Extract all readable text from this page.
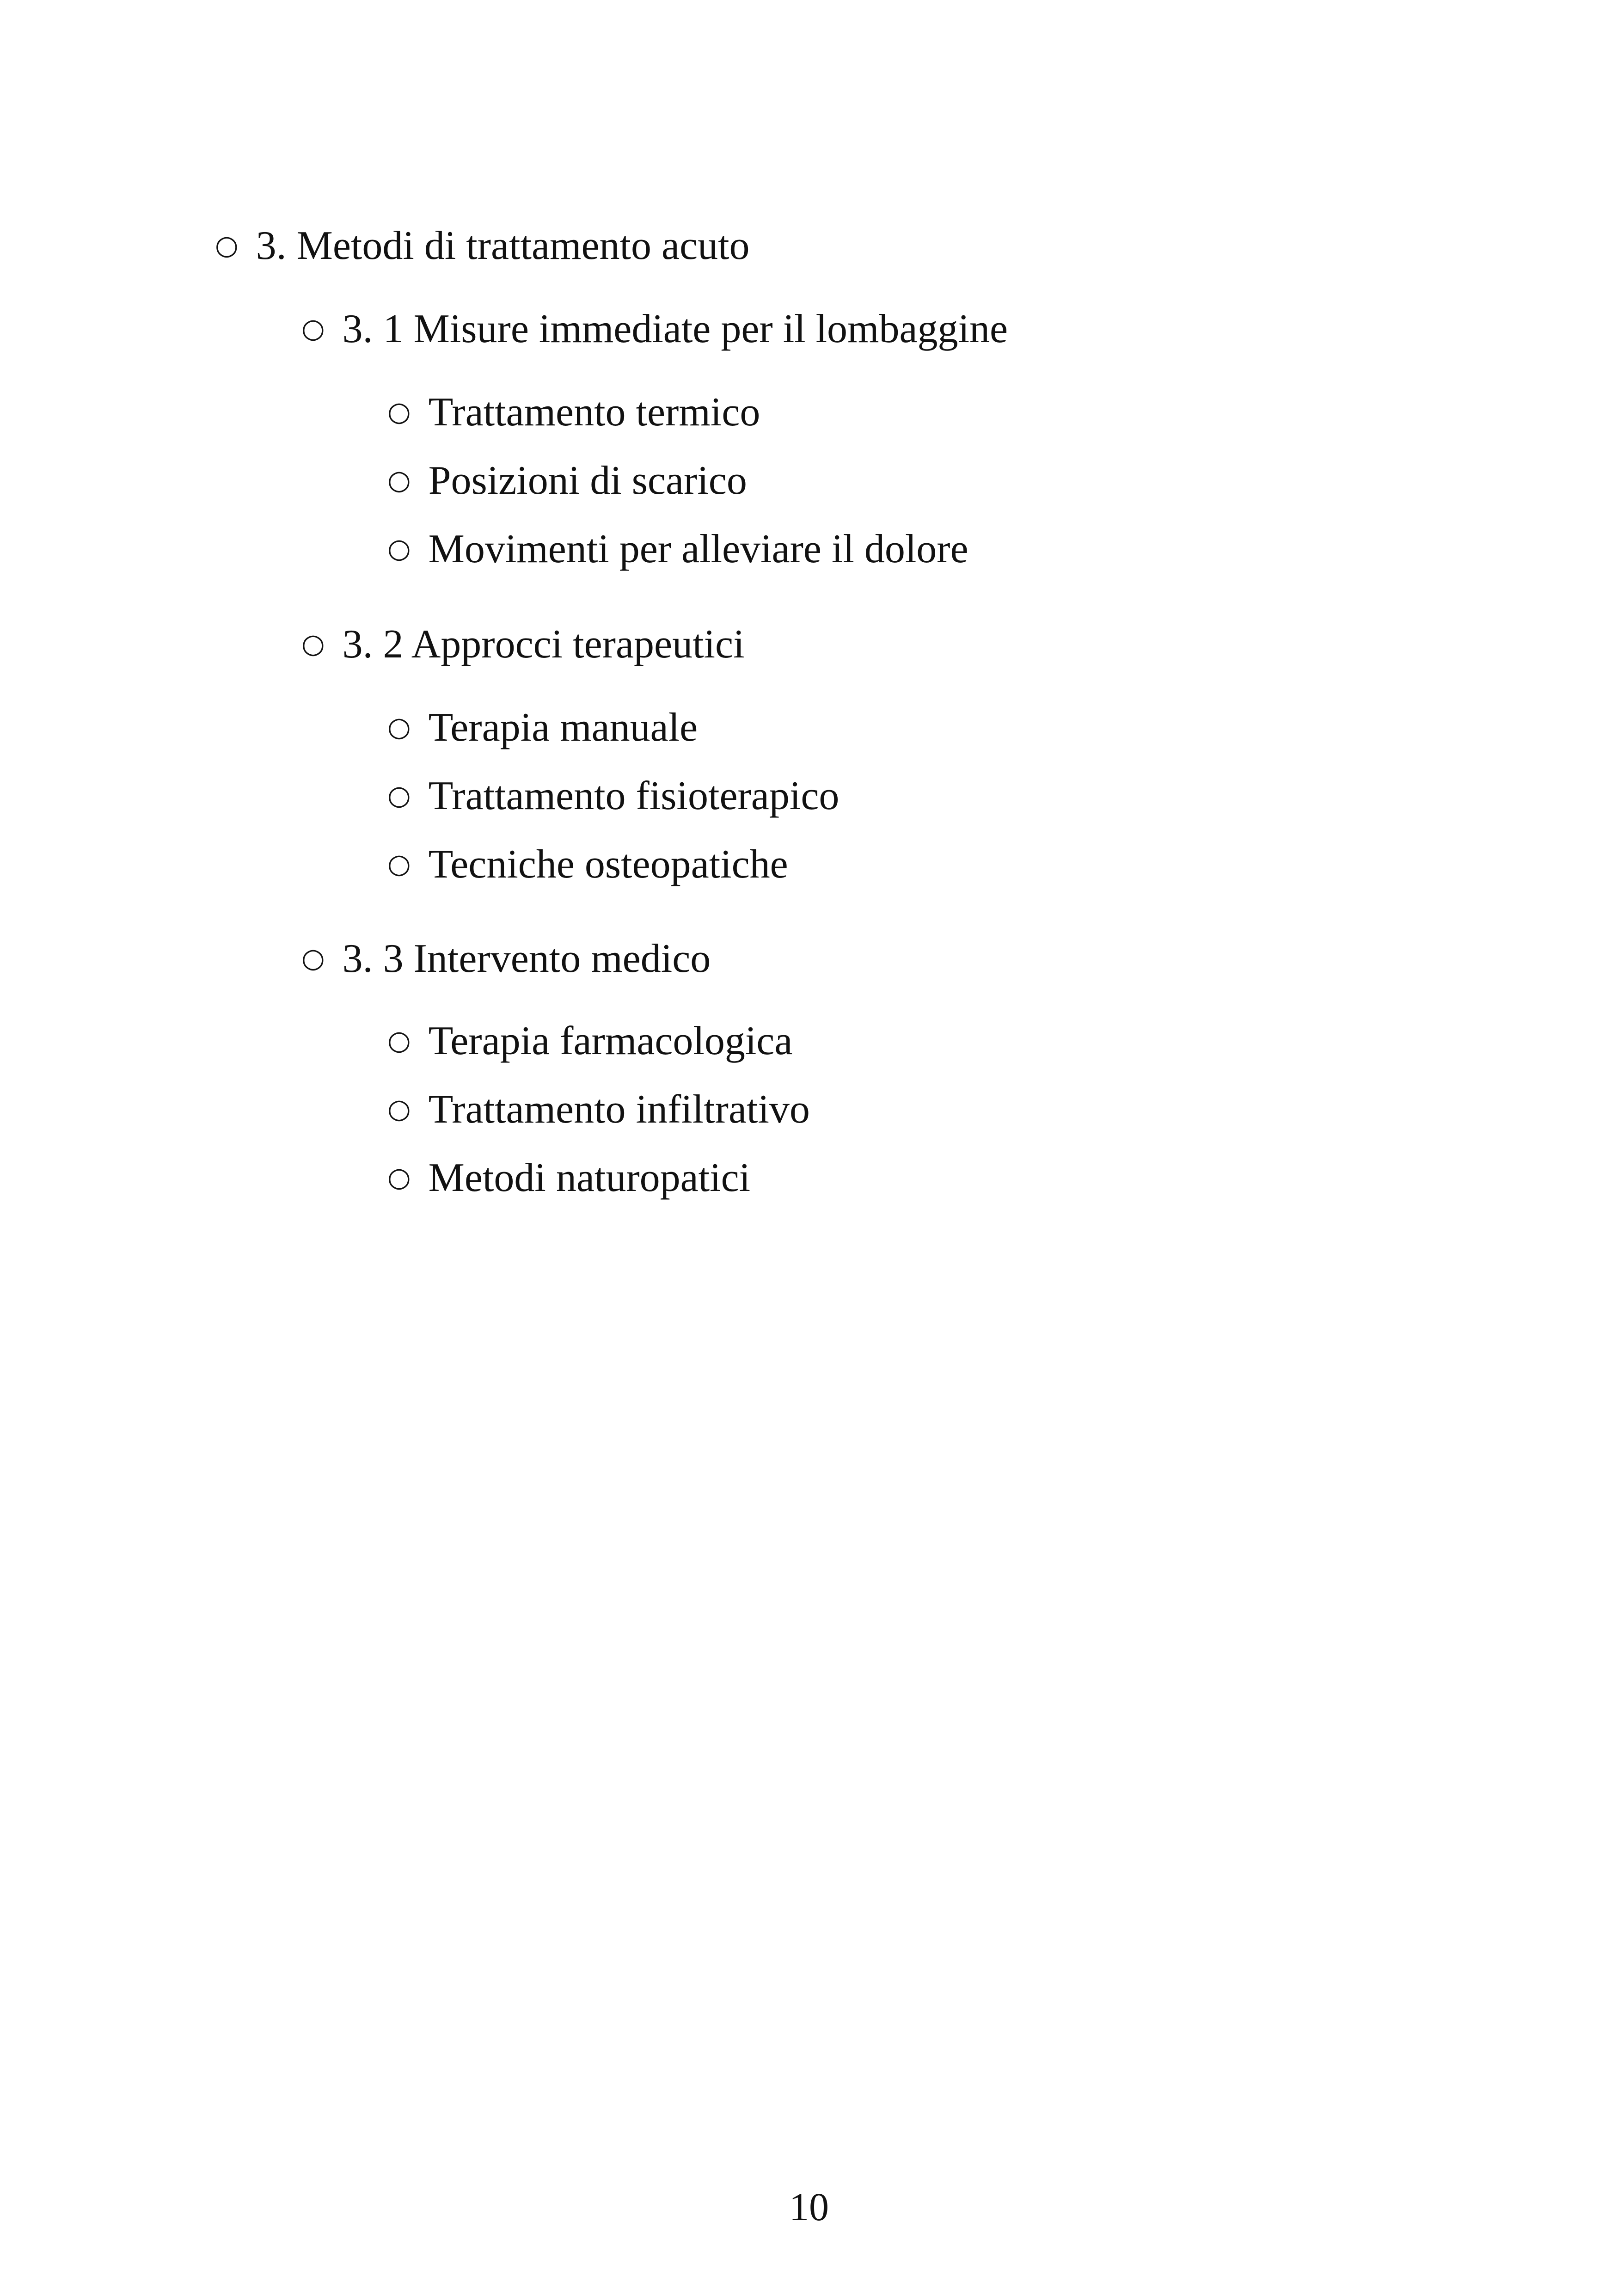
○ 3. Metodi di trattamento acuto
○ 3. 1 Misure immediate per il lombaggine
○ Trattamento termico
○ Posizioni di scarico
○ Movimenti per alleviare il dolore
○ 3. 2 Approcci terapeutici
○ Terapia manuale
○ Trattamento fisioterapico
○ Tecniche osteopatiche
○ 3. 3 Intervento medico
○ Terapia farmacologica
○ Trattamento infiltrativo
○ Metodi naturopatici
10
